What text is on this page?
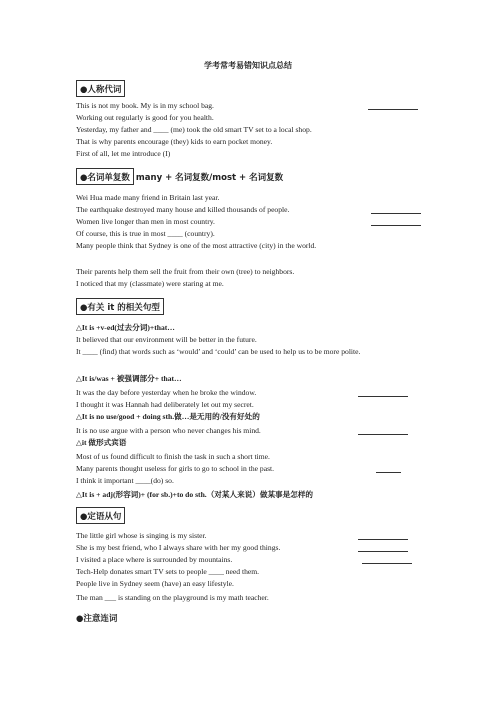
学考常考易错知识点总结
●人称代词
This is not my book. My is in my school bag.
Working out regularly is good for you health.
Yesterday, my father and ____ (me) took the old smart TV set to a local shop.
That is why parents encourage (they) kids to earn pocket money.
First of all, let me introduce (I)
●名词单复数 many + 名词复数/most + 名词复数
Wei Hua made many friend in Britain last year.
The earthquake destroyed many house and killed thousands of people.
Women live longer than men in most country.
Of course, this is true in most ____ (country).
Many people think that Sydney is one of the most attractive (city) in the world.
Their parents help them sell the fruit from their own (tree) to neighbors.
I noticed that my (classmate) were staring at me.
●有关 it 的相关句型
△It is +v-ed(过去分词)+that…
It believed that our environment will be better in the future.
It ____ (find) that words such as ‘would’ and ‘could’ can be used to help us to be more polite.
△It is/was + 被强调部分+ that…
It was the day before yesterday when he broke the window.
I thought it was Hannah had deliberately let out my secret.
△It is no use/good + doing sth.做…是无用的/没有好处的
It is no use argue with a person who never changes his mind.
△it 做形式宾语
Most of us found difficult to finish the task in such a short time.
Many parents thought useless for girls to go to school in the past.
I think it important ____(do) so.
△It is + adj(形容词)+ (for sb.)+to do sth.（对某人来说）做某事是怎样的
●定语从句
The little girl whose is singing is my sister.
She is my best friend, who I always share with her my good things.
I visited a place where is surrounded by mountains.
Tech-Help donates smart TV sets to people ____ need them.
People live in Sydney seem (have) an easy lifestyle.
The man ___ is standing on the playground is my math teacher.
●注意连词
